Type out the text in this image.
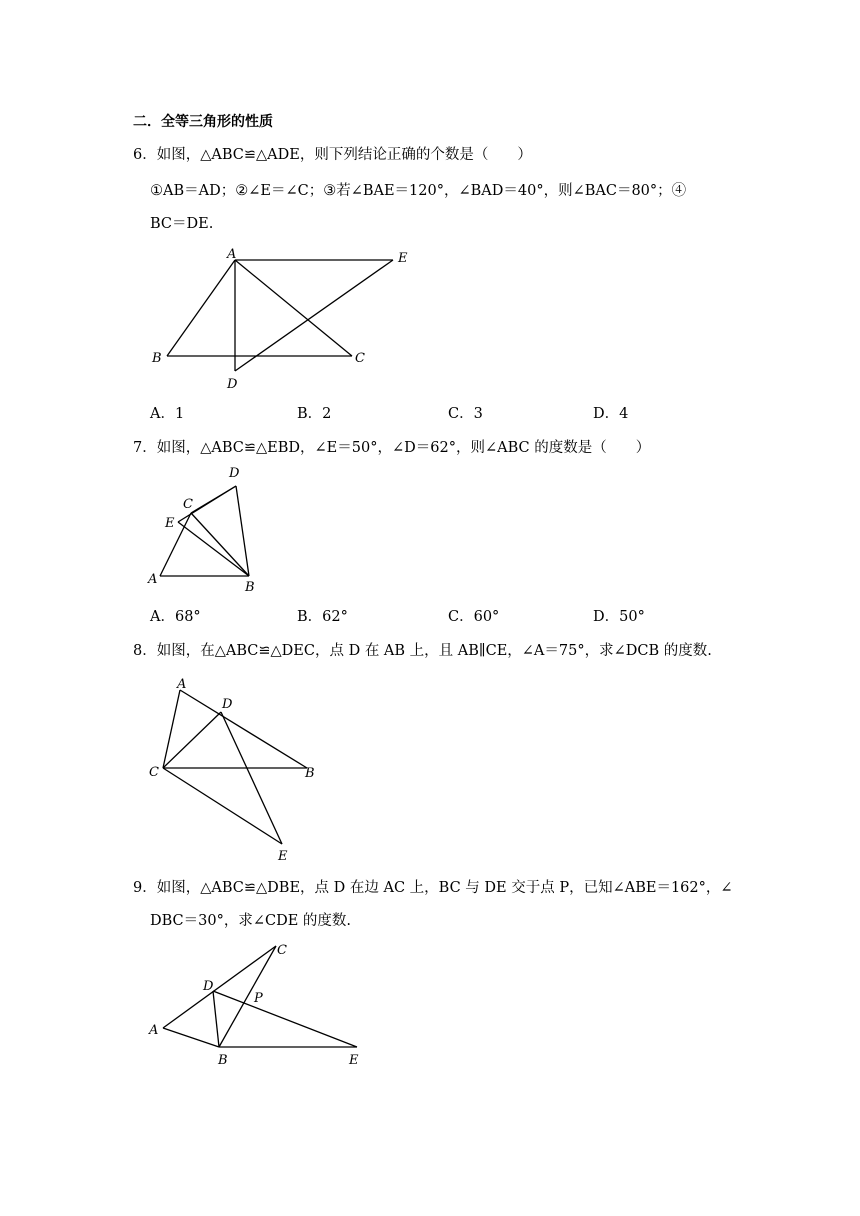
二．全等三角形的性质
6．如图，△ABC≌△ADE，则下列结论正确的个数是（　　）
①AB＝AD；②∠E＝∠C；③若∠BAE＝120°，∠BAD＝40°，则∠BAC＝80°；④
BC＝DE.
A	E
B	C
D
A．1	B．2	C．3	D．4
7．如图，△ABC≌△EBD，∠E＝50°，∠D＝62°，则∠ABC 的度数是（　　）
D
C
E
A
B
A．68°	B．62°	C．60°	D．50°
8．如图，在△ABC≌△DEC，点 D 在 AB 上，且 AB∥CE，∠A＝75°，求∠DCB 的度数.
A
D
C	B
E
9．如图，△ABC≌△DBE，点 D 在边 AC 上，BC 与 DE 交于点 P，已知∠ABE＝162°，∠
DBC＝30°，求∠CDE 的度数.
C
D
P
A
B	E
